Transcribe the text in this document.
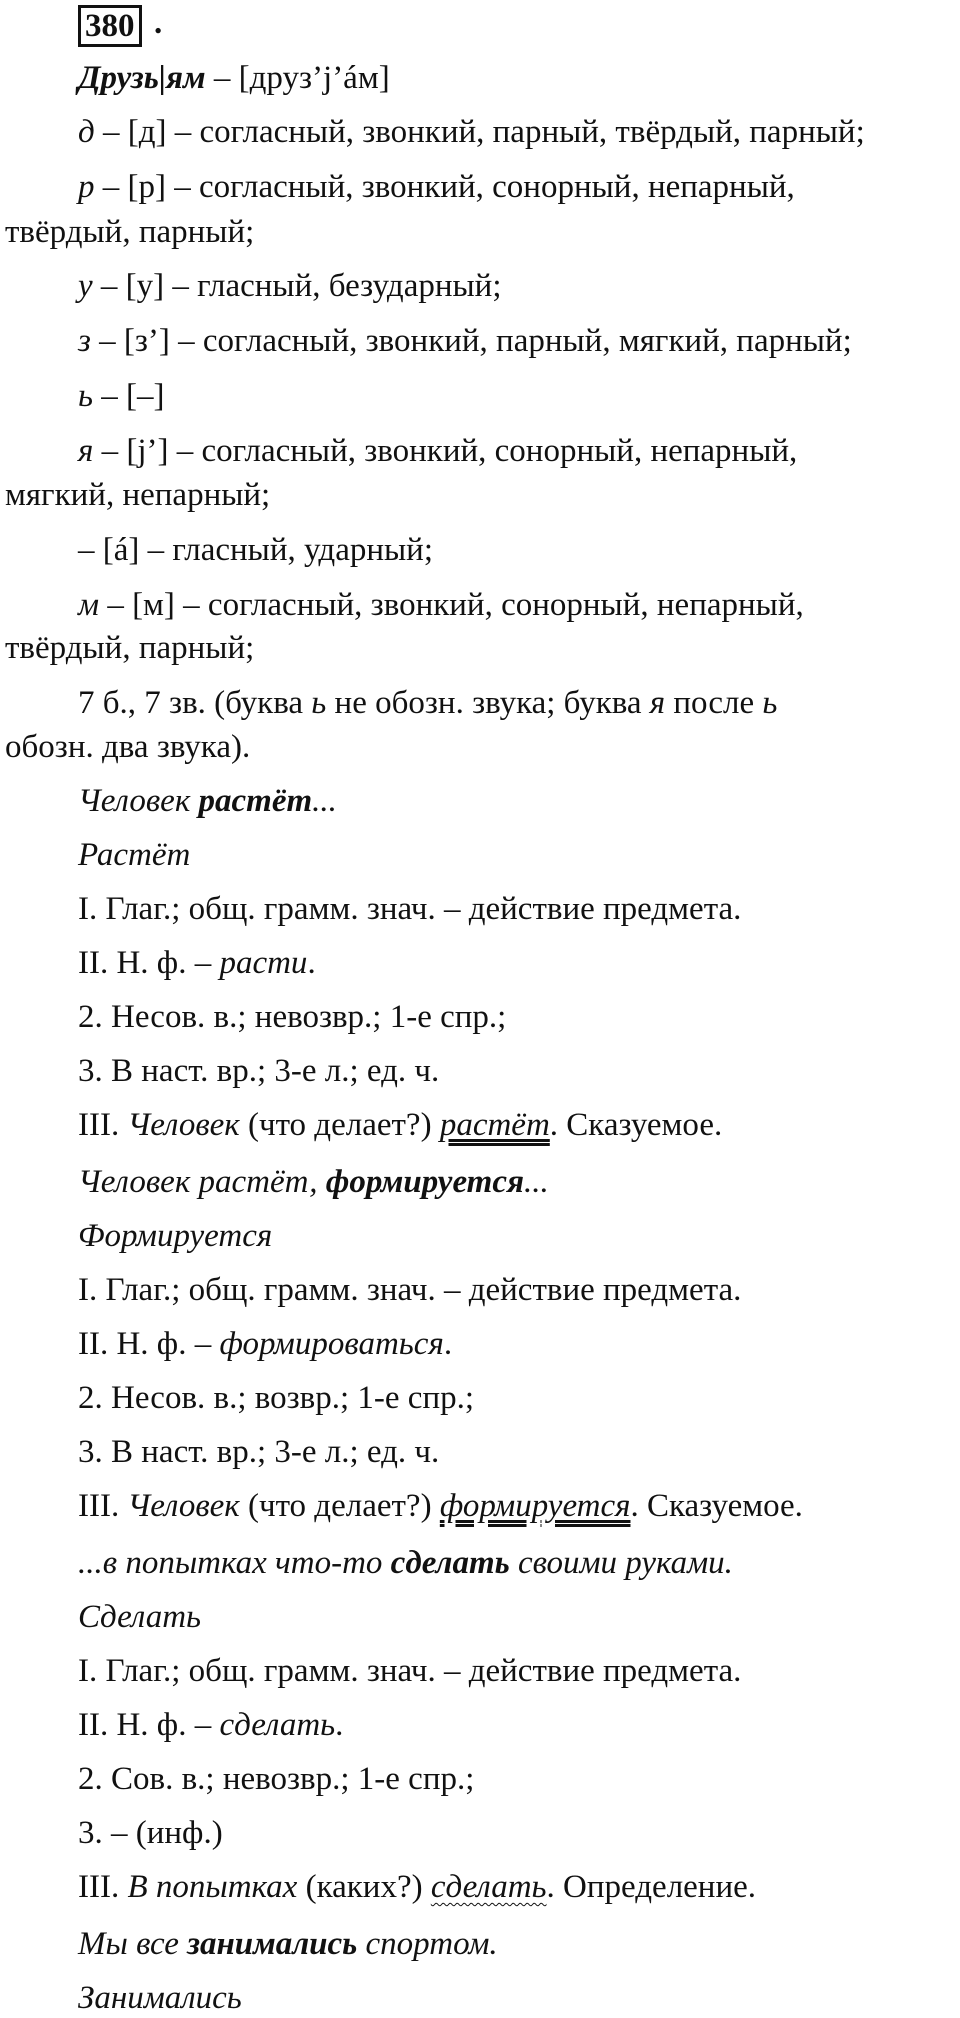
380 .

Друзь|ям – [друз’j’áм]

д – [д] – согласный, звонкий, парный, твёрдый, парный;

р – [р] – согласный, звонкий, сонорный, непарный,

твёрдый, парный;

у – [у] – гласный, безударный;

з – [з’] – согласный, звонкий, парный, мягкий, парный;

ь – [–]

я – [j’] – согласный, звонкий, сонорный, непарный,

мягкий, непарный;

– [á] – гласный, ударный;

м – [м] – согласный, звонкий, сонорный, непарный,

твёрдый, парный;

7 б., 7 зв. (буква ь не обозн. звука; буква я после ь

обозн. два звука).

Человек растёт...

Растёт

I. Глаг.; общ. грамм. знач. – действие предмета.

II. Н. ф. – расти.

2. Несов. в.; невозвр.; 1-е спр.;

3. В наст. вр.; 3-е л.; ед. ч.

III. Человек (что делает?) растёт. Сказуемое.

Человек растёт, формируется...

Формируется

I. Глаг.; общ. грамм. знач. – действие предмета.

II. Н. ф. – формироваться.

2. Несов. в.; возвр.; 1-е спр.;

3. В наст. вр.; 3-е л.; ед. ч.

III. Человек (что делает?) формируется. Сказуемое.

...в попытках что-то сделать своими руками.

Сделать

I. Глаг.; общ. грамм. знач. – действие предмета.

II. Н. ф. – сделать.

2. Сов. в.; невозвр.; 1-е спр.;

3. – (инф.)

III. В попытках (каких?) сделать. Определение.

Мы все занимались спортом.

Занимались
